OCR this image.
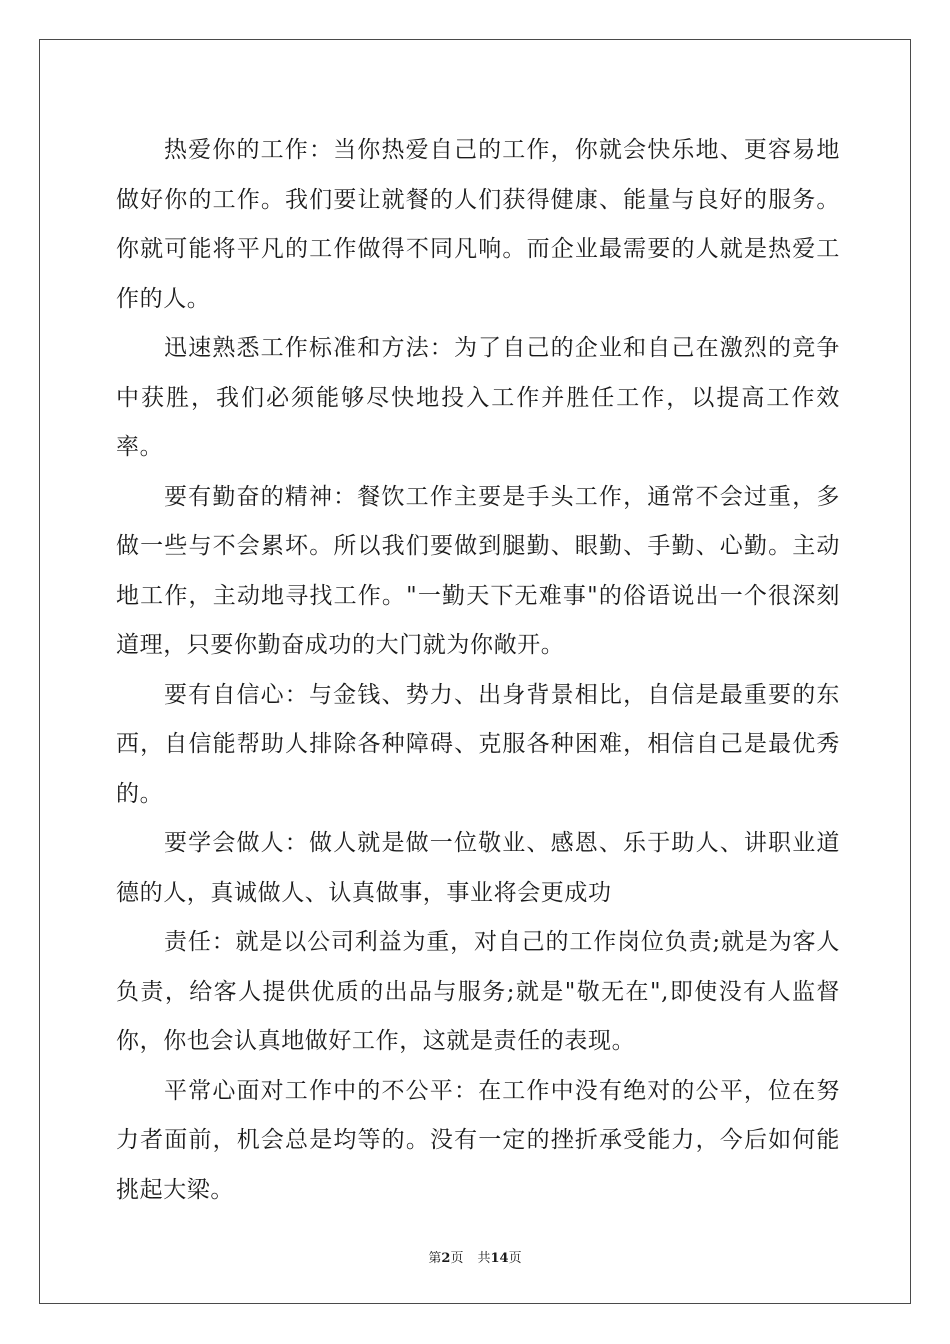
热爱你的工作：当你热爱自己的工作，你就会快乐地、更容易地做好你的工作。我们要让就餐的人们获得健康、能量与良好的服务。你就可能将平凡的工作做得不同凡响。而企业最需要的人就是热爱工作的人。

迅速熟悉工作标准和方法：为了自己的企业和自己在激烈的竞争中获胜，我们必须能够尽快地投入工作并胜任工作，以提高工作效率。

要有勤奋的精神：餐饮工作主要是手头工作，通常不会过重，多做一些与不会累坏。所以我们要做到腿勤、眼勤、手勤、心勤。主动地工作，主动地寻找工作。"一勤天下无难事"的俗语说出一个很深刻道理，只要你勤奋成功的大门就为你敞开。

要有自信心：与金钱、势力、出身背景相比，自信是最重要的东西，自信能帮助人排除各种障碍、克服各种困难，相信自己是最优秀的。

要学会做人：做人就是做一位敬业、感恩、乐于助人、讲职业道德的人，真诚做人、认真做事，事业将会更成功

责任：就是以公司利益为重，对自己的工作岗位负责;就是为客人负责，给客人提供优质的出品与服务;就是"敬无在",即使没有人监督你，你也会认真地做好工作，这就是责任的表现。

平常心面对工作中的不公平：在工作中没有绝对的公平，位在努力者面前，机会总是均等的。没有一定的挫折承受能力，今后如何能挑起大梁。

第2页 共14页
